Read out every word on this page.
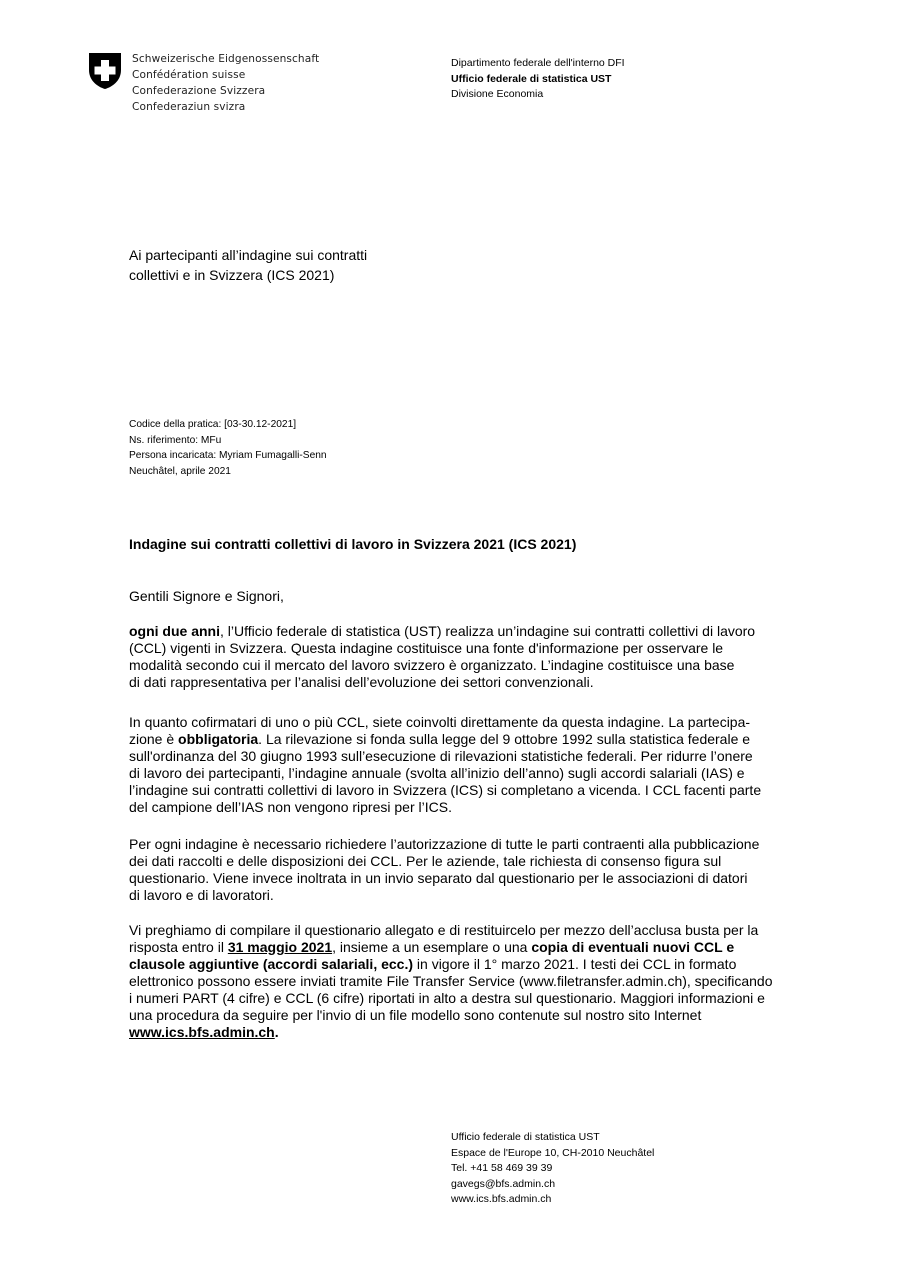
Schweizerische Eidgenossenschaft
Confédération suisse
Confederazione Svizzera
Confederaziun svizra
Dipartimento federale dell'interno DFI
Ufficio federale di statistica UST
Divisione Economia
Ai partecipanti all’indagine sui contratti
collettivi e in Svizzera (ICS 2021)
Codice della pratica: [03-30.12-2021]
Ns. riferimento: MFu
Persona incaricata: Myriam Fumagalli-Senn
Neuchâtel, aprile 2021
Indagine sui contratti collettivi di lavoro in Svizzera 2021 (ICS 2021)
Gentili Signore e Signori,
ogni due anni, l’Ufficio federale di statistica (UST) realizza un’indagine sui contratti collettivi di lavoro
(CCL) vigenti in Svizzera. Questa indagine costituisce una fonte d'informazione per osservare le
modalità secondo cui il mercato del lavoro svizzero è organizzato. L’indagine costituisce una base
di dati rappresentativa per l’analisi dell’evoluzione dei settori convenzionali.
In quanto cofirmatari di uno o più CCL, siete coinvolti direttamente da questa indagine. La partecipa-
zione è obbligatoria. La rilevazione si fonda sulla legge del 9 ottobre 1992 sulla statistica federale e
sull'ordinanza del 30 giugno 1993 sull’esecuzione di rilevazioni statistiche federali. Per ridurre l’onere
di lavoro dei partecipanti, l’indagine annuale (svolta all’inizio dell’anno) sugli accordi salariali (IAS) e
l’indagine sui contratti collettivi di lavoro in Svizzera (ICS) si completano a vicenda. I CCL facenti parte
del campione dell’IAS non vengono ripresi per l’ICS.
Per ogni indagine è necessario richiedere l’autorizzazione di tutte le parti contraenti alla pubblicazione
dei dati raccolti e delle disposizioni dei CCL. Per le aziende, tale richiesta di consenso figura sul
questionario. Viene invece inoltrata in un invio separato dal questionario per le associazioni di datori
di lavoro e di lavoratori.
Vi preghiamo di compilare il questionario allegato e di restituircelo per mezzo dell’acclusa busta per la
risposta entro il 31 maggio 2021, insieme a un esemplare o una copia di eventuali nuovi CCL e
clausole aggiuntive (accordi salariali, ecc.) in vigore il 1° marzo 2021. I testi dei CCL in formato
elettronico possono essere inviati tramite File Transfer Service (www.filetransfer.admin.ch), specificando
i numeri PART (4 cifre) e CCL (6 cifre) riportati in alto a destra sul questionario. Maggiori informazioni e
una procedura da seguire per l'invio di un file modello sono contenute sul nostro sito Internet
www.ics.bfs.admin.ch.
Ufficio federale di statistica UST
Espace de l'Europe 10, CH-2010 Neuchâtel
Tel. +41 58 469 39 39
gavegs@bfs.admin.ch
www.ics.bfs.admin.ch
